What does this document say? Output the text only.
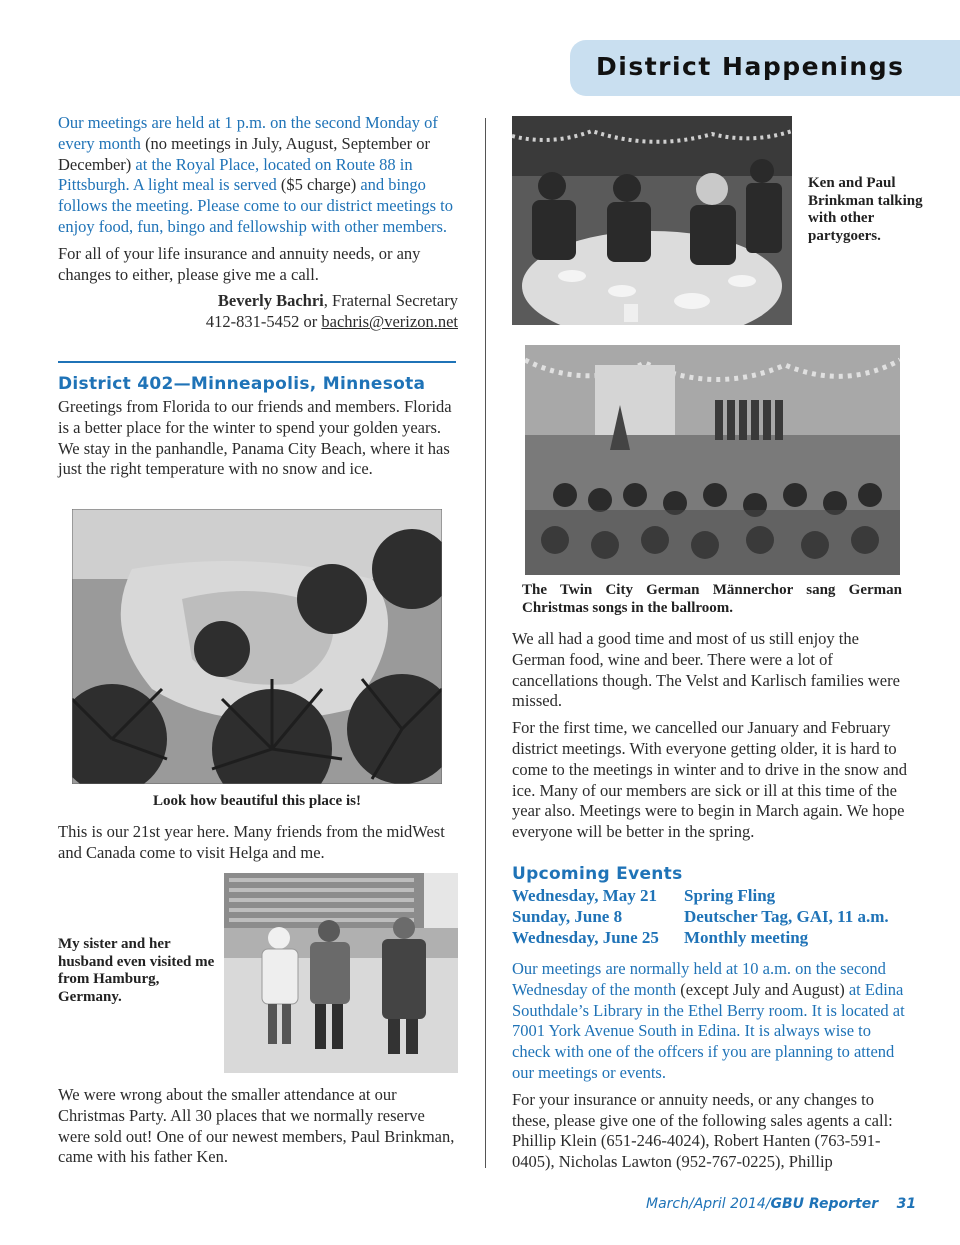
District Happenings

Our meetings are held at 1 p.m. on the second Monday of every month (no meetings in July, August, September or December) at the Royal Place, located on Route 88 in Pittsburgh. A light meal is served ($5 charge) and bingo follows the meeting. Please come to our district meetings to enjoy food, fun, bingo and fellowship with other members.

For all of your life insurance and annuity needs, or any changes to either, please give me a call.

Beverly Bachri, Fraternal Secretary

412-831-5452 or bachris@verizon.net

District 402—Minneapolis, Minnesota
Greetings from Florida to our friends and members. Florida is a better place for the winter to spend your golden years. We stay in the panhandle, Panama City Beach, where it has just the right temperature with no snow and ice.
Look how beautiful this place is!
This is our 21st year here. Many friends from the midWest and Canada come to visit Helga and me.
My sister and her husband even visited me from Hamburg, Germany.
We were wrong about the smaller attendance at our Christmas Party. All 30 places that we normally reserve were sold out! One of our newest members, Paul Brinkman, came with his father Ken.
Ken and Paul Brinkman talking with other partygoers.
The Twin City German Männerchor sang German Christmas songs in the ballroom.

We all had a good time and most of us still enjoy the German food, wine and beer. There were a lot of cancellations though. The Velst and Karlisch families were missed.

For the first time, we cancelled our January and February district meetings. With everyone getting older, it is hard to come to the meetings in winter and to drive in the snow and ice. Many of our members are sick or ill at this time of the year also. Meetings were to begin in March again. We hope everyone will be better in the spring.

Upcoming Events
Wednesday, May 21 Spring Fling
Sunday, June 8	Deutscher Tag, GAI, 11 a.m.
Wednesday, June 25 Monthly meeting

Our meetings are normally held at 10 a.m. on the second Wednesday of the month (except July and August) at Edina Southdale’s Library in the Ethel Berry room. It is located at 7001 York Avenue South in Edina. It is always wise to check with one of the offcers if you are planning to attend our meetings or events.

For your insurance or annuity needs, or any changes to these, please give one of the following sales agents a call: Phillip Klein (651-246-4024), Robert Hanten (763-591-0405), Nicholas Lawton (952-767-0225), Phillip

March/April 2014/GBU Reporter 31
